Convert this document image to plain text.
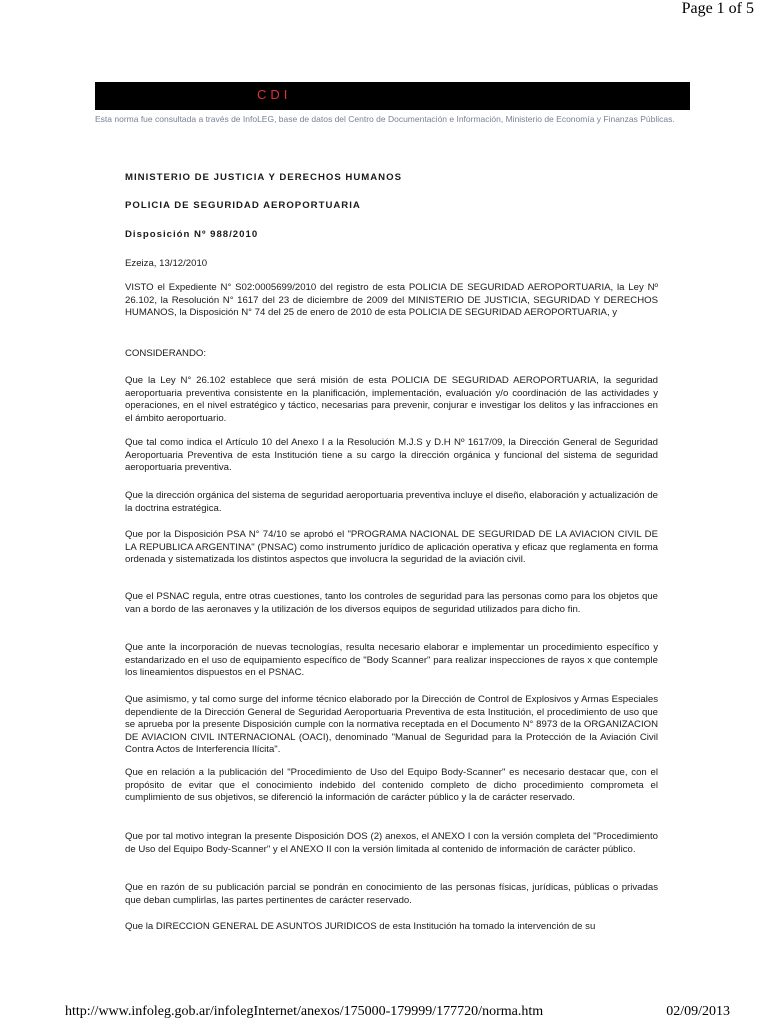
Page 1 of 5
CDI
Esta norma fue consultada a través de InfoLEG, base de datos del Centro de Documentación e Información, Ministerio de Economía y Finanzas Públicas.

MINISTERIO DE JUSTICIA Y DERECHOS HUMANOS

POLICIA DE SEGURIDAD AEROPORTUARIA

Disposición Nº 988/2010

Ezeiza, 13/12/2010

VISTO el Expediente N° S02:0005699/2010 del registro de esta POLICIA DE SEGURIDAD AEROPORTUARIA, la Ley Nº 26.102, la Resolución N° 1617 del 23 de diciembre de 2009 del MINISTERIO DE JUSTICIA, SEGURIDAD Y DERECHOS HUMANOS, la Disposición N° 74 del 25 de enero de 2010 de esta POLICIA DE SEGURIDAD AEROPORTUARIA, y

CONSIDERANDO:

Que la Ley N° 26.102 establece que será misión de esta POLICIA DE SEGURIDAD AEROPORTUARIA, la seguridad aeroportuaria preventiva consistente en la planificación, implementación, evaluación y/o coordinación de las actividades y operaciones, en el nivel estratégico y táctico, necesarias para prevenir, conjurar e investigar los delitos y las infracciones en el ámbito aeroportuario.

Que tal como indica el Artículo 10 del Anexo I a la Resolución M.J.S y D.H Nº 1617/09, la Dirección General de Seguridad Aeroportuaria Preventiva de esta Institución tiene a su cargo la dirección orgánica y funcional del sistema de seguridad aeroportuaria preventiva.

Que la dirección orgánica del sistema de seguridad aeroportuaria preventiva incluye el diseño, elaboración y actualización de la doctrina estratégica.

Que por la Disposición PSA N° 74/10 se aprobó el "PROGRAMA NACIONAL DE SEGURIDAD DE LA AVIACION CIVIL DE LA REPUBLICA ARGENTINA" (PNSAC) como instrumento jurídico de aplicación operativa y eficaz que reglamenta en forma ordenada y sistematizada los distintos aspectos que involucra la seguridad de la aviación civil.

Que el PSNAC regula, entre otras cuestiones, tanto los controles de seguridad para las personas como para los objetos que van a bordo de las aeronaves y la utilización de los diversos equipos de seguridad utilizados para dicho fin.

Que ante la incorporación de nuevas tecnologías, resulta necesario elaborar e implementar un procedimiento específico y estandarizado en el uso de equipamiento específico de "Body Scanner" para realizar inspecciones de rayos x que contemple los lineamientos dispuestos en el PSNAC.

Que asimismo, y tal como surge del informe técnico elaborado por la Dirección de Control de Explosivos y Armas Especiales dependiente de la Dirección General de Seguridad Aeroportuaria Preventiva de esta Institución, el procedimiento de uso que se aprueba por la presente Disposición cumple con la normativa receptada en el Documento N° 8973 de la ORGANIZACION DE AVIACION CIVIL INTERNACIONAL (OACI), denominado "Manual de Seguridad para la Protección de la Aviación Civil Contra Actos de Interferencia Ilícita".

Que en relación a la publicación del "Procedimiento de Uso del Equipo Body-Scanner" es necesario destacar que, con el propósito de evitar que el conocimiento indebido del contenido completo de dicho procedimiento comprometa el cumplimiento de sus objetivos, se diferenció la información de carácter público y la de carácter reservado.

Que por tal motivo integran la presente Disposición DOS (2) anexos, el ANEXO I con la versión completa del "Procedimiento de Uso del Equipo Body-Scanner" y el ANEXO II con la versión limitada al contenido de información de carácter público.

Que en razón de su publicación parcial se pondrán en conocimiento de las personas físicas, jurídicas, públicas o privadas que deban cumplirlas, las partes pertinentes de carácter reservado.

Que la DIRECCION GENERAL DE ASUNTOS JURIDICOS de esta Institución ha tomado la intervención de su

http://www.infoleg.gob.ar/infolegInternet/anexos/175000-179999/177720/norma.htm	02/09/2013
